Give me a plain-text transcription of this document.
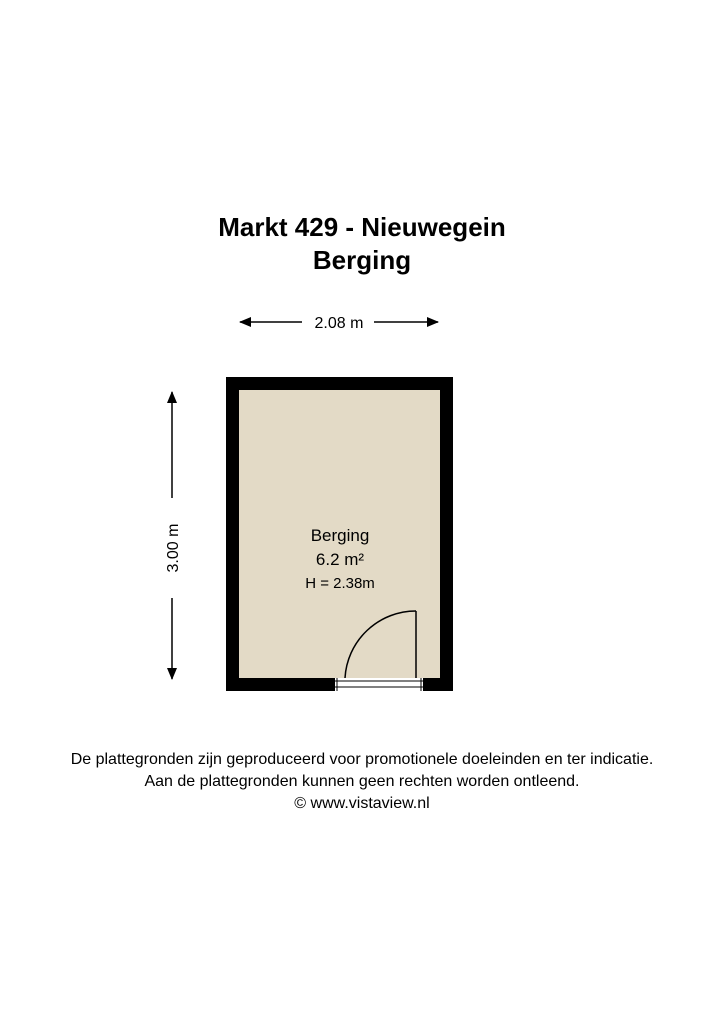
Markt 429 - Nieuwegein
Berging
2.08 m
3.00 m	Berging
6.2 m²
H = 2.38m

De plattegronden zijn geproduceerd voor promotionele doeleinden en ter indicatie.

Aan de plattegronden kunnen geen rechten worden ontleend.

© www.vistaview.nl
